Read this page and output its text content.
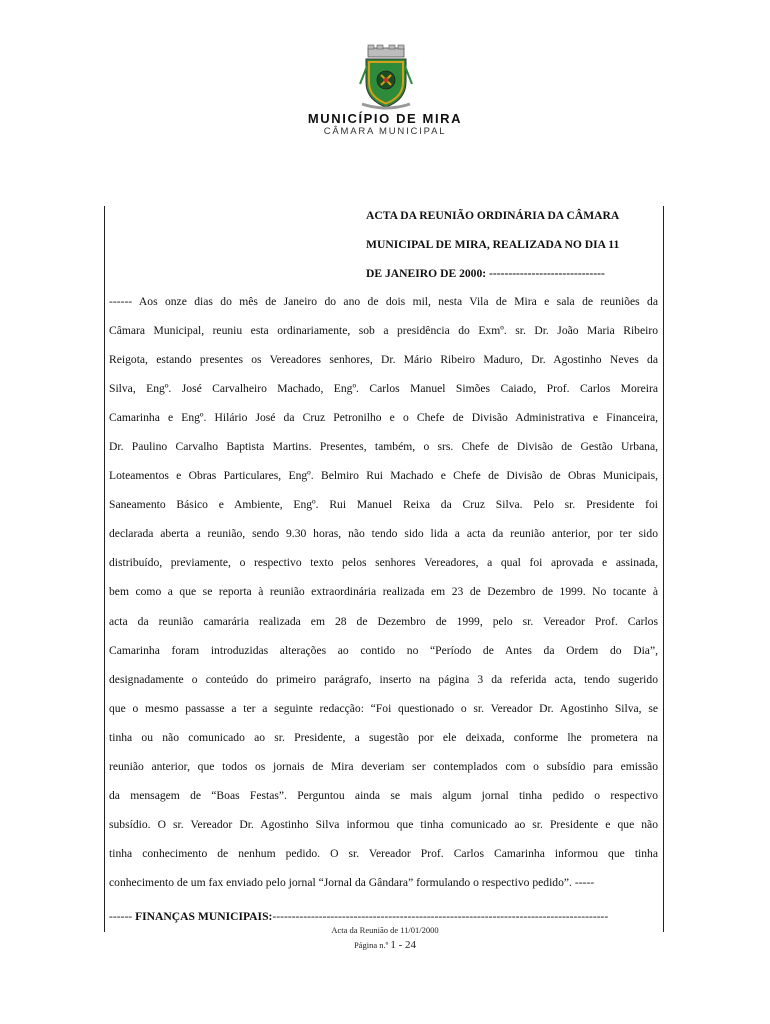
MUNICÍPIO DE MIRA
CÂMARA MUNICIPAL
ACTA DA REUNIÃO ORDINÁRIA DA CÂMARA
MUNICIPAL DE MIRA, REALIZADA NO DIA 11
DE JANEIRO DE 2000: ------------------------------
------ Aos onze dias do mês de Janeiro do ano de dois mil, nesta Vila de Mira e sala de reuniões da
Câmara Municipal, reuniu esta ordinariamente, sob a presidência do Exmº. sr. Dr. João Maria Ribeiro
Reigota, estando presentes os Vereadores senhores, Dr. Mário Ribeiro Maduro, Dr. Agostinho Neves da
Silva, Engº. José Carvalheiro Machado, Engº. Carlos Manuel Simões Caiado, Prof. Carlos Moreira
Camarinha e Engº. Hilário José da Cruz Petronilho e o Chefe de Divisão Administrativa e Financeira,
Dr. Paulino Carvalho Baptista Martins. Presentes, também, o srs. Chefe de Divisão de Gestão Urbana,
Loteamentos e Obras Particulares, Engº. Belmiro Rui Machado e Chefe de Divisão de Obras Municipais,
Saneamento Básico e Ambiente, Engº. Rui Manuel Reixa da Cruz Silva. Pelo sr. Presidente foi
declarada aberta a reunião, sendo 9.30 horas, não tendo sido lida a acta da reunião anterior, por ter sido
distribuído, previamente, o respectivo texto pelos senhores Vereadores, a qual foi aprovada e assinada,
bem como a que se reporta à reunião extraordinária realizada em 23 de Dezembro de 1999. No tocante à
acta da reunião camarária realizada em 28 de Dezembro de 1999, pelo sr. Vereador Prof. Carlos
Camarinha foram introduzidas alterações ao contido no “Período de Antes da Ordem do Dia”,
designadamente o conteúdo do primeiro parágrafo, inserto na página 3 da referida acta, tendo sugerido
que o mesmo passasse a ter a seguinte redacção: “Foi questionado o sr. Vereador Dr. Agostinho Silva, se
tinha ou não comunicado ao sr. Presidente, a sugestão por ele deixada, conforme lhe prometera na
reunião anterior, que todos os jornais de Mira deveriam ser contemplados com o subsídio para emissão
da mensagem de “Boas Festas”. Perguntou ainda se mais algum jornal tinha pedido o respectivo
subsídio. O sr. Vereador Dr. Agostinho Silva informou que tinha comunicado ao sr. Presidente e que não
tinha conhecimento de nenhum pedido. O sr. Vereador Prof. Carlos Camarinha informou que tinha
conhecimento de um fax enviado pelo jornal “Jornal da Gândara” formulando o respectivo pedido”. -----
------ FINANÇAS MUNICIPAIS:---------------------------------------------------------------------------------------
Acta da Reunião de 11/01/2000
Página n.º 1 - 24
